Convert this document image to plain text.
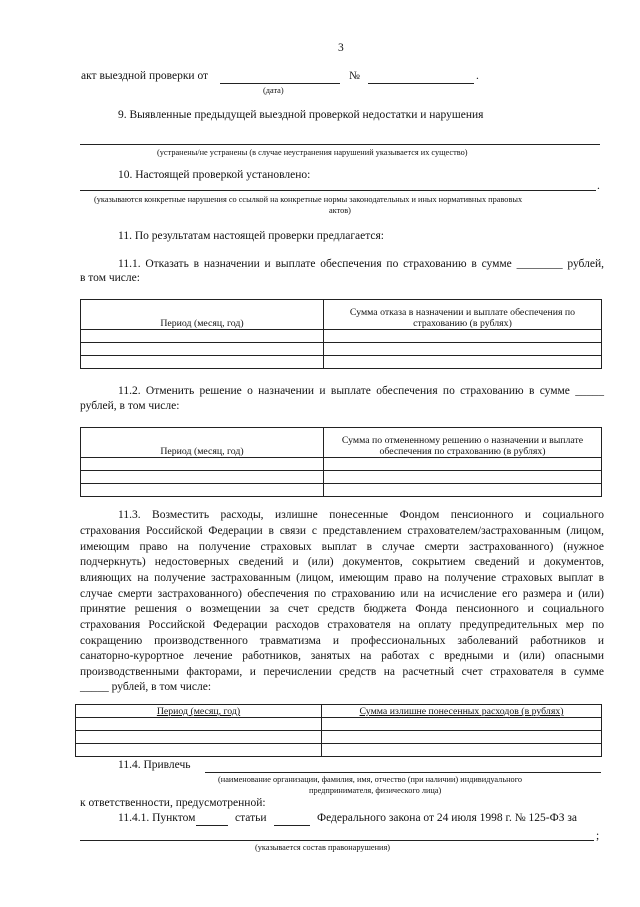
3
акт выездной проверки от	№	.
(дата)
9. Выявленные предыдущей выездной проверкой недостатки и нарушения
(устранены/не устранены (в случае неустранения нарушений указывается их существо)
10. Настоящей проверкой установлено:
.
(указываются конкретные нарушения со ссылкой на конкретные нормы законодательных и иных нормативных правовых
актов)
11. По результатам настоящей проверки предлагается:
11.1. Отказать в назначении и выплате обеспечения по страхованию в сумме ________ рублей,
в том числе:
Период (месяц, год)	Сумма отказа в назначении и выплате обеспечения по
страхованию (в рублях)

11.2. Отменить решение о назначении и выплате обеспечения по страхованию в сумме _____
рублей, в том числе:
Период (месяц, год)	Сумма по отмененному решению о назначении и выплате
обеспечения по страхованию (в рублях)

11.3. Возместить расходы, излишне понесенные Фондом пенсионного и социального
страхования Российской Федерации в связи с представлением страхователем/застрахованным (лицом,
имеющим право на получение страховых выплат в случае смерти застрахованного) (нужное
подчеркнуть) недостоверных сведений и (или) документов, сокрытием сведений и документов,
влияющих на получение застрахованным (лицом, имеющим право на получение страховых выплат в
случае смерти застрахованного) обеспечения по страхованию или на исчисление его размера и (или)
принятие решения о возмещении за счет средств бюджета Фонда пенсионного и социального
страхования Российской Федерации расходов страхователя на оплату предупредительных мер по
сокращению производственного травматизма и профессиональных заболеваний работников и
санаторно-курортное лечение работников, занятых на работах с вредными и (или) опасными
производственными факторами, и перечислении средств на расчетный счет страхователя в сумме
_____ рублей, в том числе:
Период (месяц, год)	Сумма излишне понесенных расходов (в рублях)

11.4. Привлечь
(наименование организации, фамилия, имя, отчество (при наличии) индивидуального
предпринимателя, физического лица)
к ответственности, предусмотренной:
11.4.1. Пунктом	статьи	Федерального закона от 24 июля 1998 г. № 125-ФЗ за
;
(указывается состав правонарушения)
